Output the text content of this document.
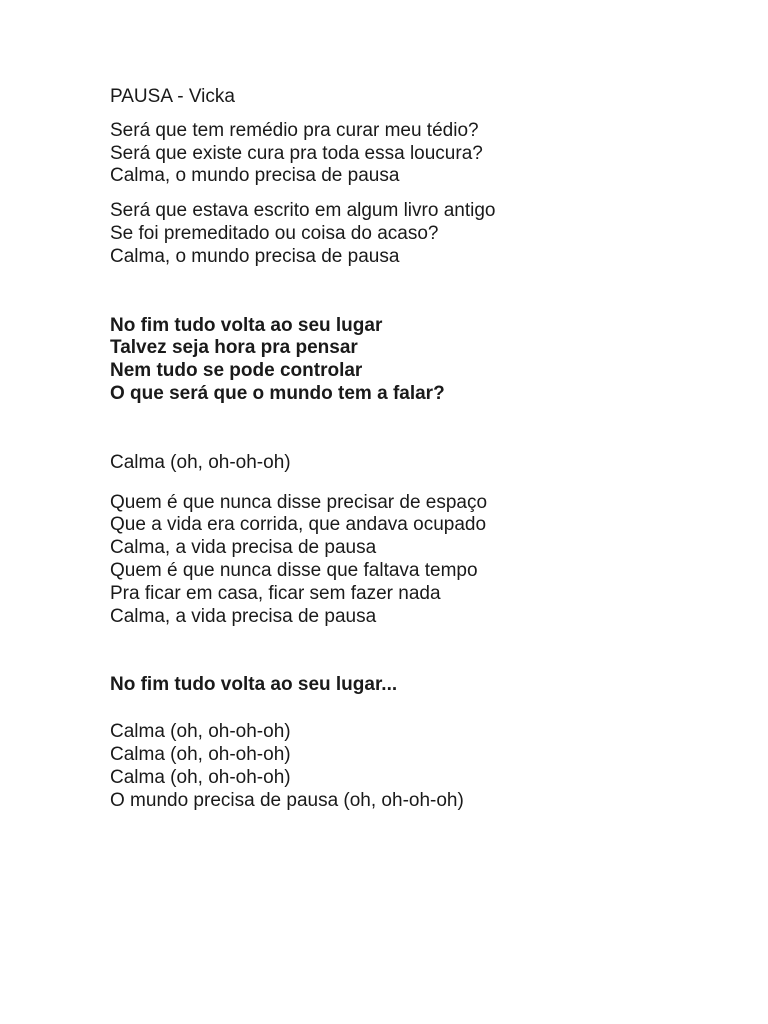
PAUSA - Vicka
Será que tem remédio pra curar meu tédio?
Será que existe cura pra toda essa loucura?
Calma, o mundo precisa de pausa
Será que estava escrito em algum livro antigo
Se foi premeditado ou coisa do acaso?
Calma, o mundo precisa de pausa
No fim tudo volta ao seu lugar
Talvez seja hora pra pensar
Nem tudo se pode controlar
O que será que o mundo tem a falar?
Calma (oh, oh-oh-oh)
Quem é que nunca disse precisar de espaço
Que a vida era corrida, que andava ocupado
Calma, a vida precisa de pausa
Quem é que nunca disse que faltava tempo
Pra ficar em casa, ficar sem fazer nada
Calma, a vida precisa de pausa
No fim tudo volta ao seu lugar...
Calma (oh, oh-oh-oh)
Calma (oh, oh-oh-oh)
Calma (oh, oh-oh-oh)
O mundo precisa de pausa (oh, oh-oh-oh)
